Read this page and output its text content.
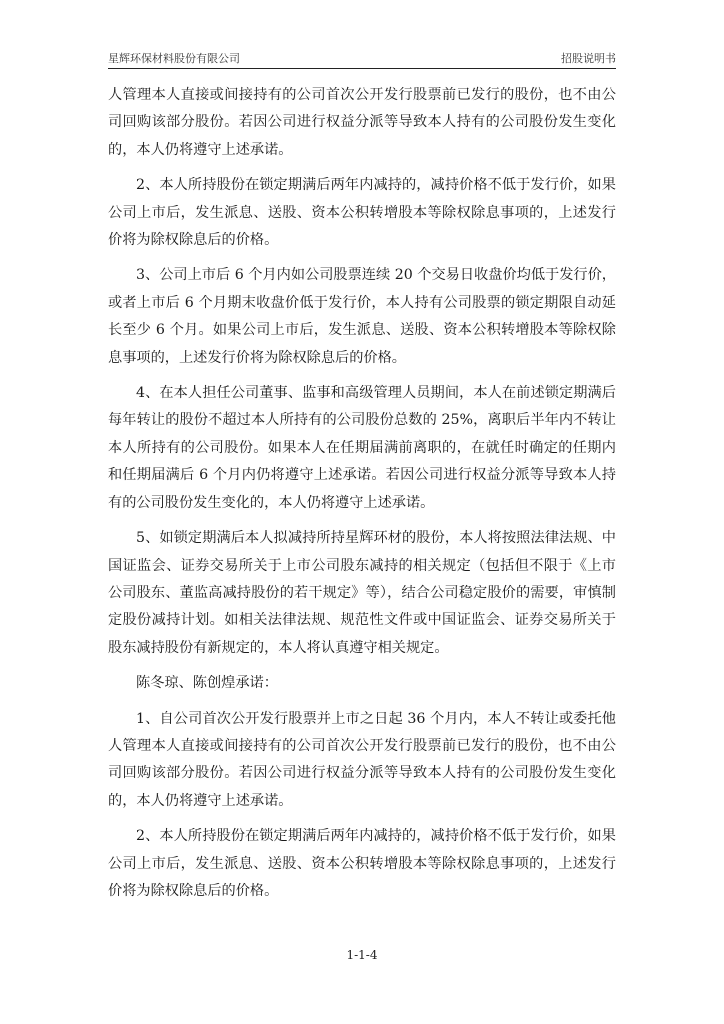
星辉环保材料股份有限公司	招股说明书

人管理本人直接或间接持有的公司首次公开发行股票前已发行的股份，也不由公司回购该部分股份。若因公司进行权益分派等导致本人持有的公司股份发生变化的，本人仍将遵守上述承诺。

2、本人所持股份在锁定期满后两年内减持的，减持价格不低于发行价，如果公司上市后，发生派息、送股、资本公积转增股本等除权除息事项的，上述发行价将为除权除息后的价格。

3、公司上市后 6 个月内如公司股票连续 20 个交易日收盘价均低于发行价，或者上市后 6 个月期末收盘价低于发行价，本人持有公司股票的锁定期限自动延长至少 6 个月。如果公司上市后，发生派息、送股、资本公积转增股本等除权除息事项的，上述发行价将为除权除息后的价格。

4、在本人担任公司董事、监事和高级管理人员期间，本人在前述锁定期满后每年转让的股份不超过本人所持有的公司股份总数的 25%，离职后半年内不转让本人所持有的公司股份。如果本人在任期届满前离职的，在就任时确定的任期内和任期届满后 6 个月内仍将遵守上述承诺。若因公司进行权益分派等导致本人持有的公司股份发生变化的，本人仍将遵守上述承诺。

5、如锁定期满后本人拟减持所持星辉环材的股份，本人将按照法律法规、中国证监会、证券交易所关于上市公司股东减持的相关规定（包括但不限于《上市公司股东、董监高减持股份的若干规定》等），结合公司稳定股价的需要，审慎制定股份减持计划。如相关法律法规、规范性文件或中国证监会、证券交易所关于股东减持股份有新规定的，本人将认真遵守相关规定。

陈冬琼、陈创煌承诺：

1、自公司首次公开发行股票并上市之日起 36 个月内，本人不转让或委托他人管理本人直接或间接持有的公司首次公开发行股票前已发行的股份，也不由公司回购该部分股份。若因公司进行权益分派等导致本人持有的公司股份发生变化的，本人仍将遵守上述承诺。

2、本人所持股份在锁定期满后两年内减持的，减持价格不低于发行价，如果公司上市后，发生派息、送股、资本公积转增股本等除权除息事项的，上述发行价将为除权除息后的价格。

1-1-4
